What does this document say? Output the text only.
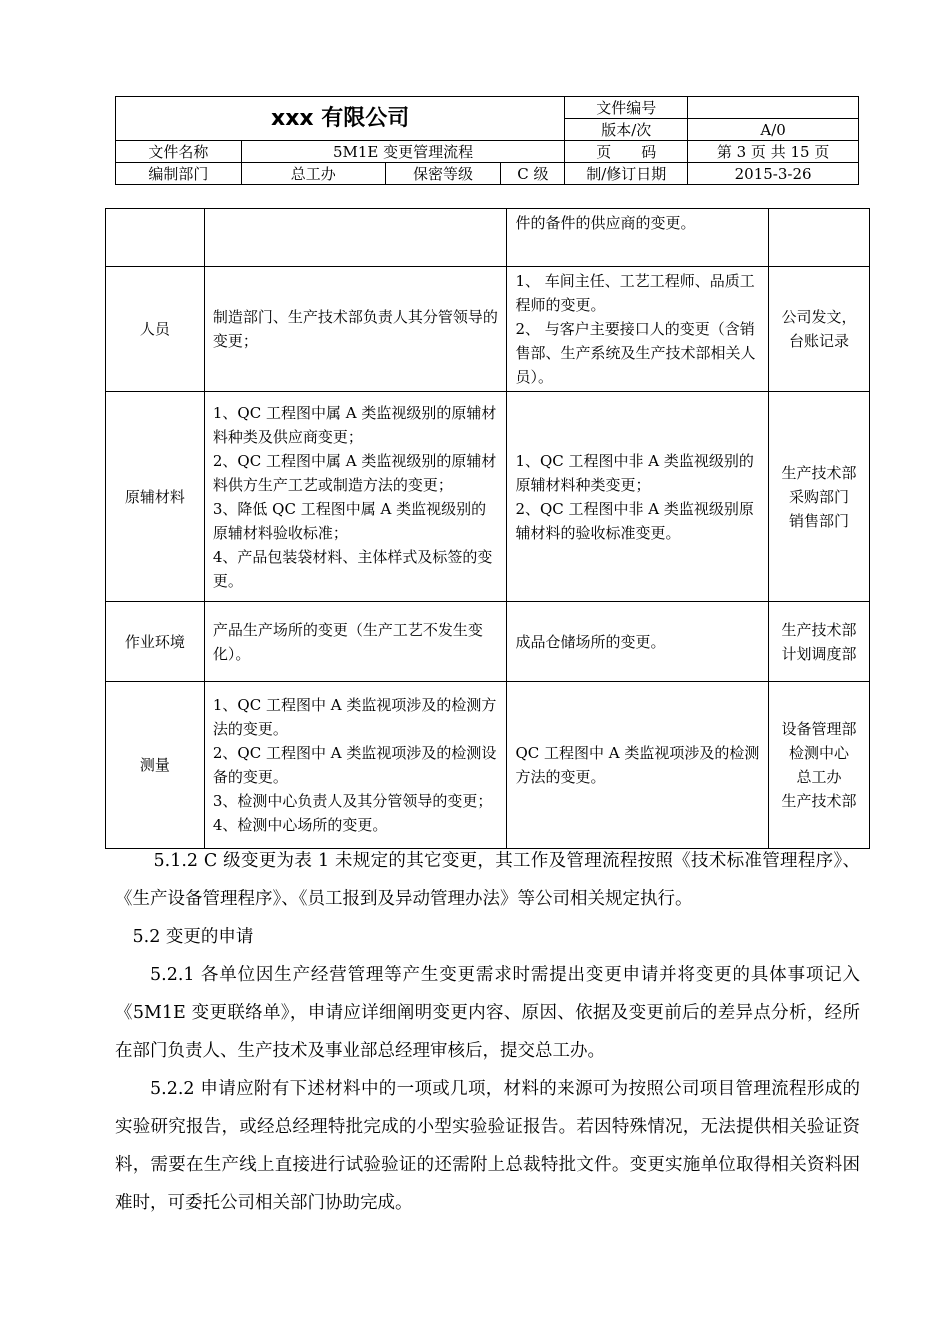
xxx 有限公司				文件编号	
				版本/次	A/0
文件名称	5M1E 变更管理流程			页　　码	第 3 页 共 15 页
编制部门	总工办	保密等级	C 级	制/修订日期	2015-3-26

		件的备件的供应商的变更。	

人员	制造部门、生产技术部负责人其分管领导的变更；	1、 车间主任、工艺工程师、品质工程师的变更。
2、 与客户主要接口人的变更（含销售部、生产系统及生产技术部相关人员）。	公司发文，
台账记录

原辅材料	1、QC 工程图中属 A 类监视级别的原辅材料种类及供应商变更；
2、QC 工程图中属 A 类监视级别的原辅材料供方生产工艺或制造方法的变更；
3、降低 QC 工程图中属 A 类监视级别的原辅材料验收标准；
4、产品包装袋材料、主体样式及标签的变更。	1、QC 工程图中非 A 类监视级别的原辅材料种类变更；
2、QC 工程图中非 A 类监视级别原辅材料的验收标准变更。	生产技术部
采购部门
销售部门

作业环境	产品生产场所的变更（生产工艺不发生变化）。	成品仓储场所的变更。	生产技术部
计划调度部

测量	1、QC 工程图中 A 类监视项涉及的检测方法的变更。
2、QC 工程图中 A 类监视项涉及的检测设备的变更。
3、检测中心负责人及其分管领导的变更；
4、检测中心场所的变更。	QC 工程图中 A 类监视项涉及的检测方法的变更。	设备管理部
检测中心
总工办
生产技术部

5.1.2 C 级变更为表 1 未规定的其它变更，其工作及管理流程按照《技术标准管理程序》、《生产设备管理程序》、《员工报到及异动管理办法》等公司相关规定执行。

5.2 变更的申请

5.2.1 各单位因生产经营管理等产生变更需求时需提出变更申请并将变更的具体事项记入《5M1E 变更联络单》，申请应详细阐明变更内容、原因、依据及变更前后的差异点分析，经所在部门负责人、生产技术及事业部总经理审核后，提交总工办。

5.2.2 申请应附有下述材料中的一项或几项，材料的来源可为按照公司项目管理流程形成的实验研究报告，或经总经理特批完成的小型实验验证报告。若因特殊情况，无法提供相关验证资料，需要在生产线上直接进行试验验证的还需附上总裁特批文件。变更实施单位取得相关资料困难时，可委托公司相关部门协助完成。
